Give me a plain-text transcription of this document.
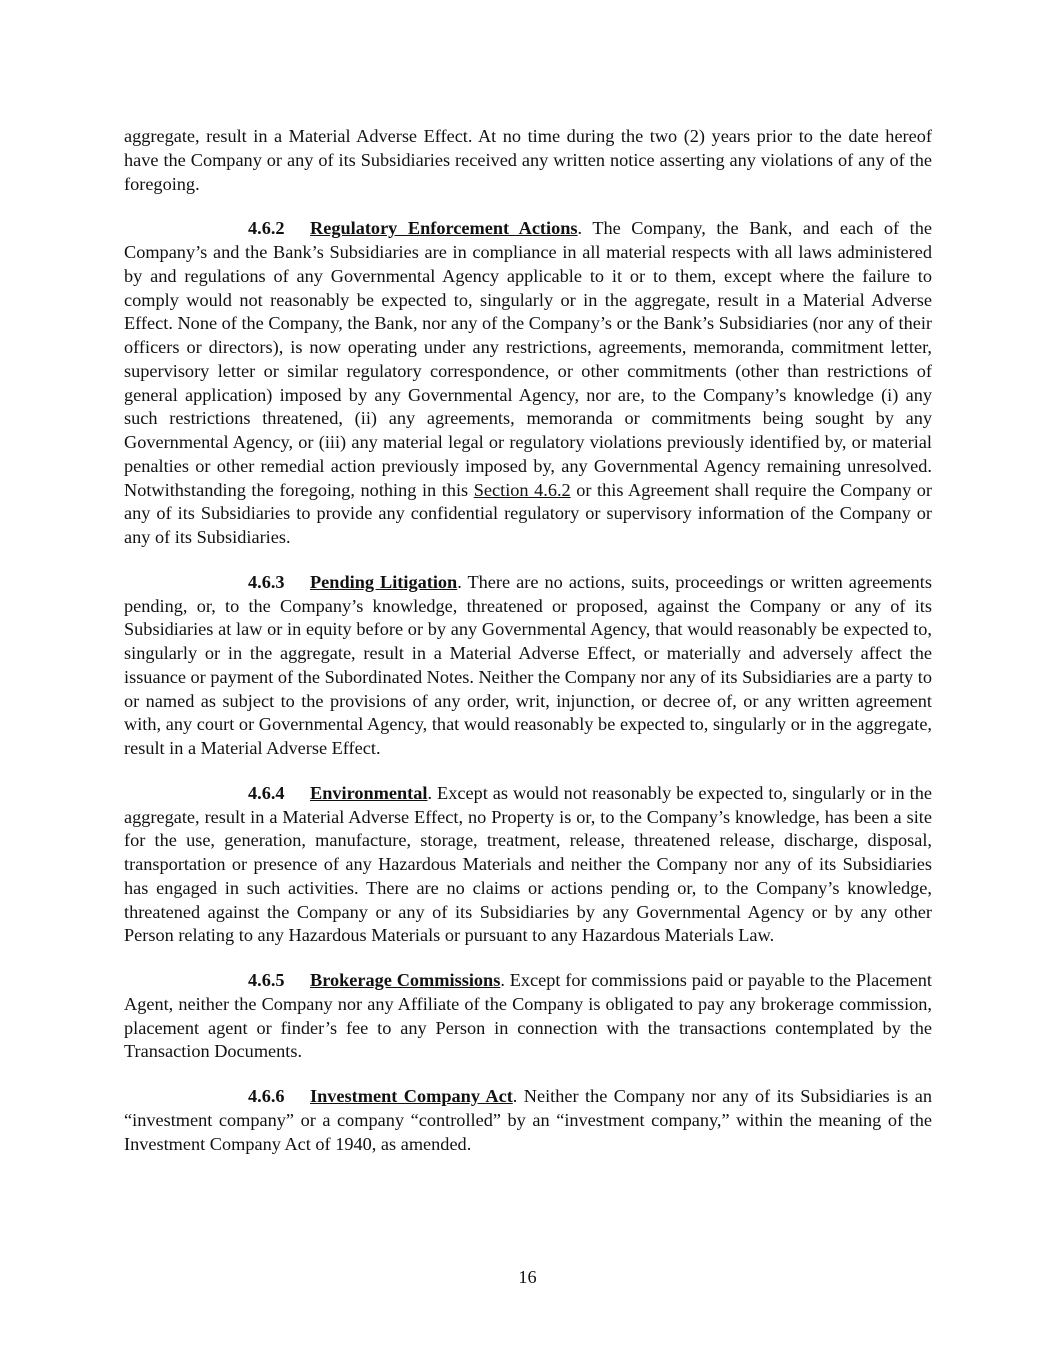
aggregate, result in a Material Adverse Effect. At no time during the two (2) years prior to the date hereof have the Company or any of its Subsidiaries received any written notice asserting any violations of any of the foregoing.

4.6.2 Regulatory Enforcement Actions. The Company, the Bank, and each of the Company’s and the Bank’s Subsidiaries are in compliance in all material respects with all laws administered by and regulations of any Governmental Agency applicable to it or to them, except where the failure to comply would not reasonably be expected to, singularly or in the aggregate, result in a Material Adverse Effect. None of the Company, the Bank, nor any of the Company’s or the Bank’s Subsidiaries (nor any of their officers or directors), is now operating under any restrictions, agreements, memoranda, commitment letter, supervisory letter or similar regulatory correspondence, or other commitments (other than restrictions of general application) imposed by any Governmental Agency, nor are, to the Company’s knowledge (i) any such restrictions threatened, (ii) any agreements, memoranda or commitments being sought by any Governmental Agency, or (iii) any material legal or regulatory violations previously identified by, or material penalties or other remedial action previously imposed by, any Governmental Agency remaining unresolved. Notwithstanding the foregoing, nothing in this Section 4.6.2 or this Agreement shall require the Company or any of its Subsidiaries to provide any confidential regulatory or supervisory information of the Company or any of its Subsidiaries.

4.6.3 Pending Litigation. There are no actions, suits, proceedings or written agreements pending, or, to the Company’s knowledge, threatened or proposed, against the Company or any of its Subsidiaries at law or in equity before or by any Governmental Agency, that would reasonably be expected to, singularly or in the aggregate, result in a Material Adverse Effect, or materially and adversely affect the issuance or payment of the Subordinated Notes. Neither the Company nor any of its Subsidiaries are a party to or named as subject to the provisions of any order, writ, injunction, or decree of, or any written agreement with, any court or Governmental Agency, that would reasonably be expected to, singularly or in the aggregate, result in a Material Adverse Effect.

4.6.4 Environmental. Except as would not reasonably be expected to, singularly or in the aggregate, result in a Material Adverse Effect, no Property is or, to the Company’s knowledge, has been a site for the use, generation, manufacture, storage, treatment, release, threatened release, discharge, disposal, transportation or presence of any Hazardous Materials and neither the Company nor any of its Subsidiaries has engaged in such activities. There are no claims or actions pending or, to the Company’s knowledge, threatened against the Company or any of its Subsidiaries by any Governmental Agency or by any other Person relating to any Hazardous Materials or pursuant to any Hazardous Materials Law.

4.6.5 Brokerage Commissions. Except for commissions paid or payable to the Placement Agent, neither the Company nor any Affiliate of the Company is obligated to pay any brokerage commission, placement agent or finder’s fee to any Person in connection with the transactions contemplated by the Transaction Documents.

4.6.6 Investment Company Act. Neither the Company nor any of its Subsidiaries is an “investment company” or a company “controlled” by an “investment company,” within the meaning of the Investment Company Act of 1940, as amended.

16
